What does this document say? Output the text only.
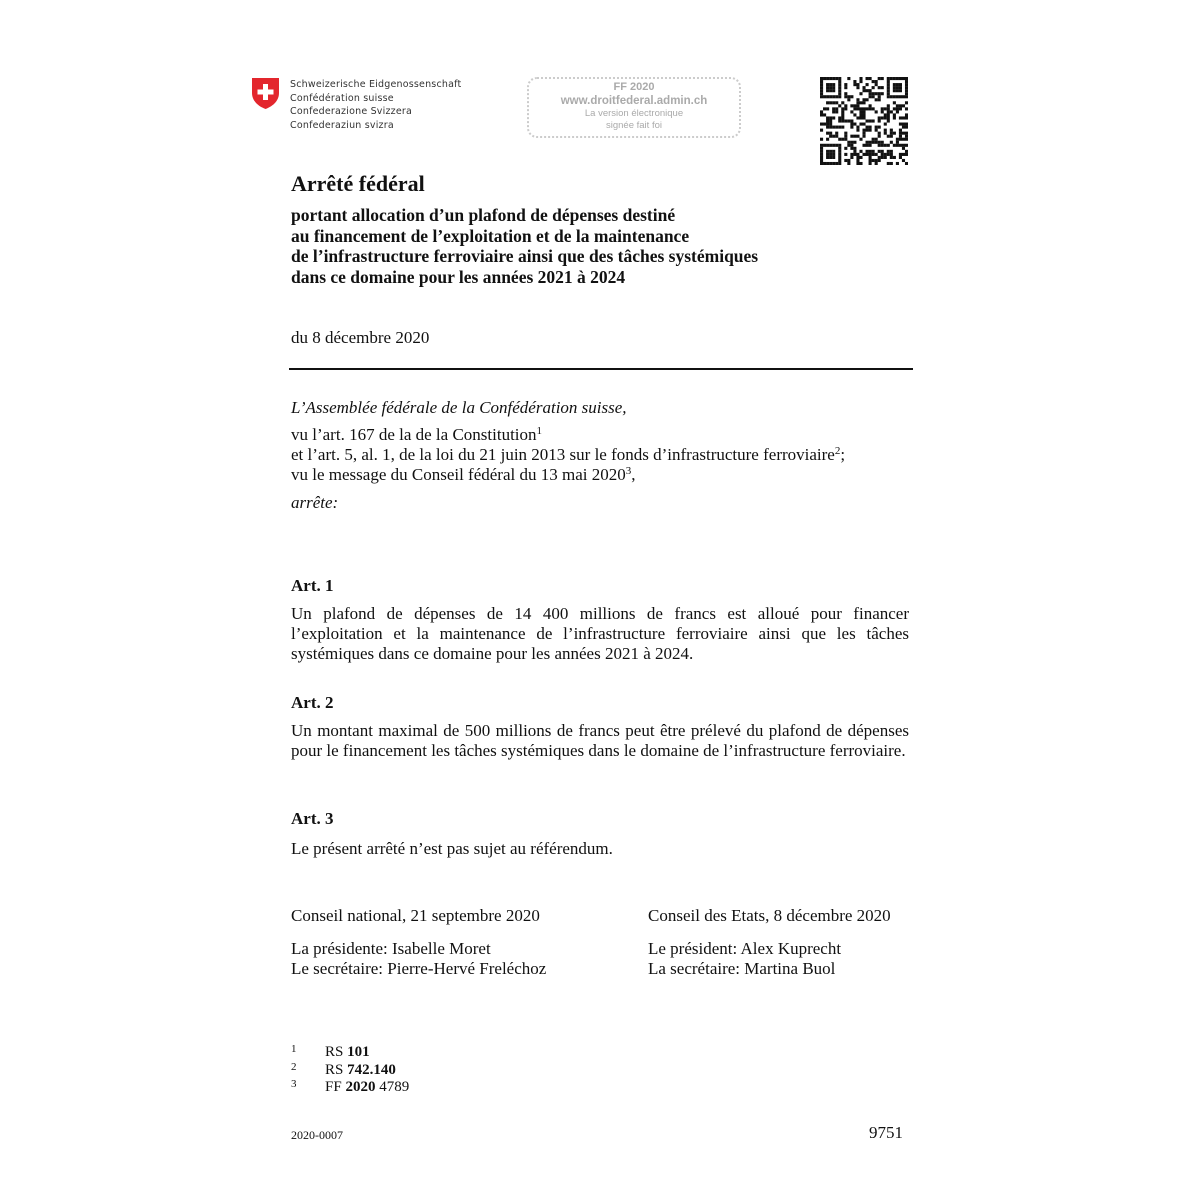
Schweizerische Eidgenossenschaft
Confédération suisse
Confederazione Svizzera
Confederaziun svizra
FF 2020
www.droitfederal.admin.ch
La version électronique
signée fait foi
Arrêté fédéral
portant allocation d’un plafond de dépenses destiné
au financement de l’exploitation et de la maintenance
de l’infrastructure ferroviaire ainsi que des tâches systémiques
dans ce domaine pour les années 2021 à 2024
du 8 décembre 2020
L’Assemblée fédérale de la Confédération suisse,
vu l’art. 167 de la de la Constitution$^1$
et l’art. 5, al. 1, de la loi du 21 juin 2013 sur le fonds d’infrastructure ferroviaire$^2$;
vu le message du Conseil fédéral du 13 mai 2020$^3$,
arrête:
Art. 1
Un plafond de dépenses de 14 400 millions de francs est alloué pour financer l’exploitation et la maintenance de l’infrastructure ferroviaire ainsi que les tâches systémiques dans ce domaine pour les années 2021 à 2024.
Art. 2
Un montant maximal de 500 millions de francs peut être prélevé du plafond de dépenses pour le financement les tâches systémiques dans le domaine de l’infrastructure ferroviaire.
Art. 3
Le présent arrêté n’est pas sujet au référendum.
Conseil national, 21 septembre 2020
La présidente: Isabelle Moret
Le secrétaire: Pierre-Hervé Freléchoz
Conseil des Etats, 8 décembre 2020
Le président: Alex Kuprecht
La secrétaire: Martina Buol
1 RS 101
2 RS 742.140
3 FF 2020 4789
2020-0007	9751
